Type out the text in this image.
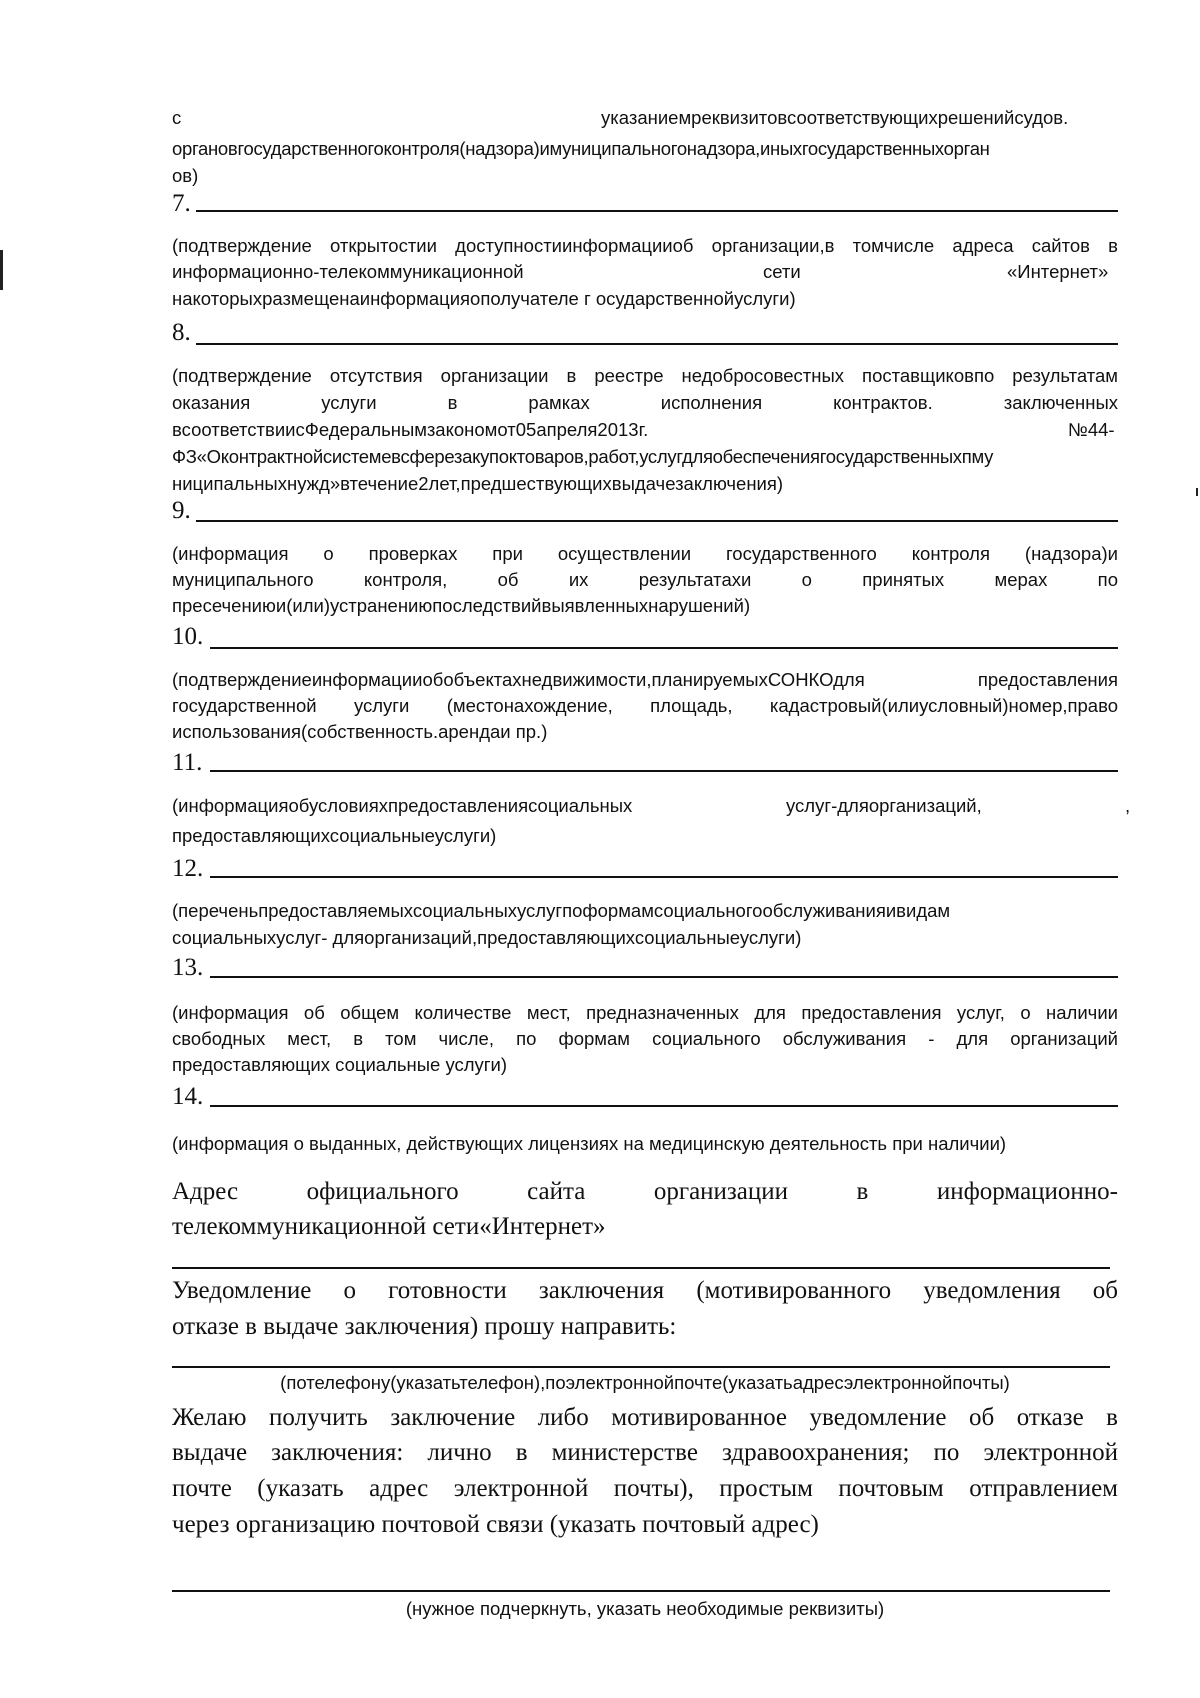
с	указаниемреквизитовсоответствующихрешенийсудов.
органовгосударственногоконтроля(надзора)имуниципальногонадзора,иныхгосударственныхорган
ов)
7.
(подтверждение открытостии доступностиинформацииоб организации,в томчисле адреса сайтов в
информационно-телекоммуникационной	сети	«Интернет»
накоторыхразмещенаинформацияополучателе г осударственнойуслуги)
8.
(подтверждение отсутствия организации в реестре недобросовестных поставщиковпо результатам
оказания услуги в рамках исполнения контрактов. заключенных
всоответствиисФедеральнымзакономот05апреля2013г.	№44-
ФЗ«Оконтрактнойсистемевсферезакупоктоваров,работ,услугдляобеспечениягосударственныхпму
ниципальныхнужд»втечение2лет,предшествующихвыдачезаключения)
9.
(информация о проверках при осуществлении государственного контроля (надзора)и
муниципального контроля, об их результатахи о принятых мерах по
пресечениюи(или)устранениюпоследствийвыявленныхнарушений)
10.
(подтверждениеинформацииобобъектахнедвижимости,планируемыхСОНКОдля предоставления
государственной услуги (местонахождение, площадь, кадастровый(илиусловный)номер,право
использования(собственность.арендаи пр.)
11.
(информацияобусловияхпредоставлениясоциальных	услуг-дляорганизаций,	,
предоставляющихсоциальныеуслуги)
12.
(переченьпредоставляемыхсоциальныхуслугпоформамсоциальногообслуживанияивидам
социальныхуслуг- дляорганизаций,предоставляющихсоциальныеуслуги)
13.
(информация об общем количестве мест, предназначенных для предоставления услуг, о наличии
свободных мест, в том числе, по формам социального обслуживания - для организаций
предоставляющих социальные услуги)
14.
(информация о выданных, действующих лицензиях на медицинскую деятельность при наличии)
Адрес официального сайта организации в информационно-
телекоммуникационной сети«Интернет»
Уведомление о готовности заключения (мотивированного уведомления об
отказе в выдаче заключения) прошу направить:
(потелефону(указатьтелефон),поэлектроннойпочте(указатьадресэлектроннойпочты)
Желаю получить заключение либо мотивированное уведомление об отказе в
выдаче заключения: лично в министерстве здравоохранения; по электронной
почте (указать адрес электронной почты), простым почтовым отправлением
через организацию почтовой связи (указать почтовый адрес)
(нужное подчеркнуть, указать необходимые реквизиты)
